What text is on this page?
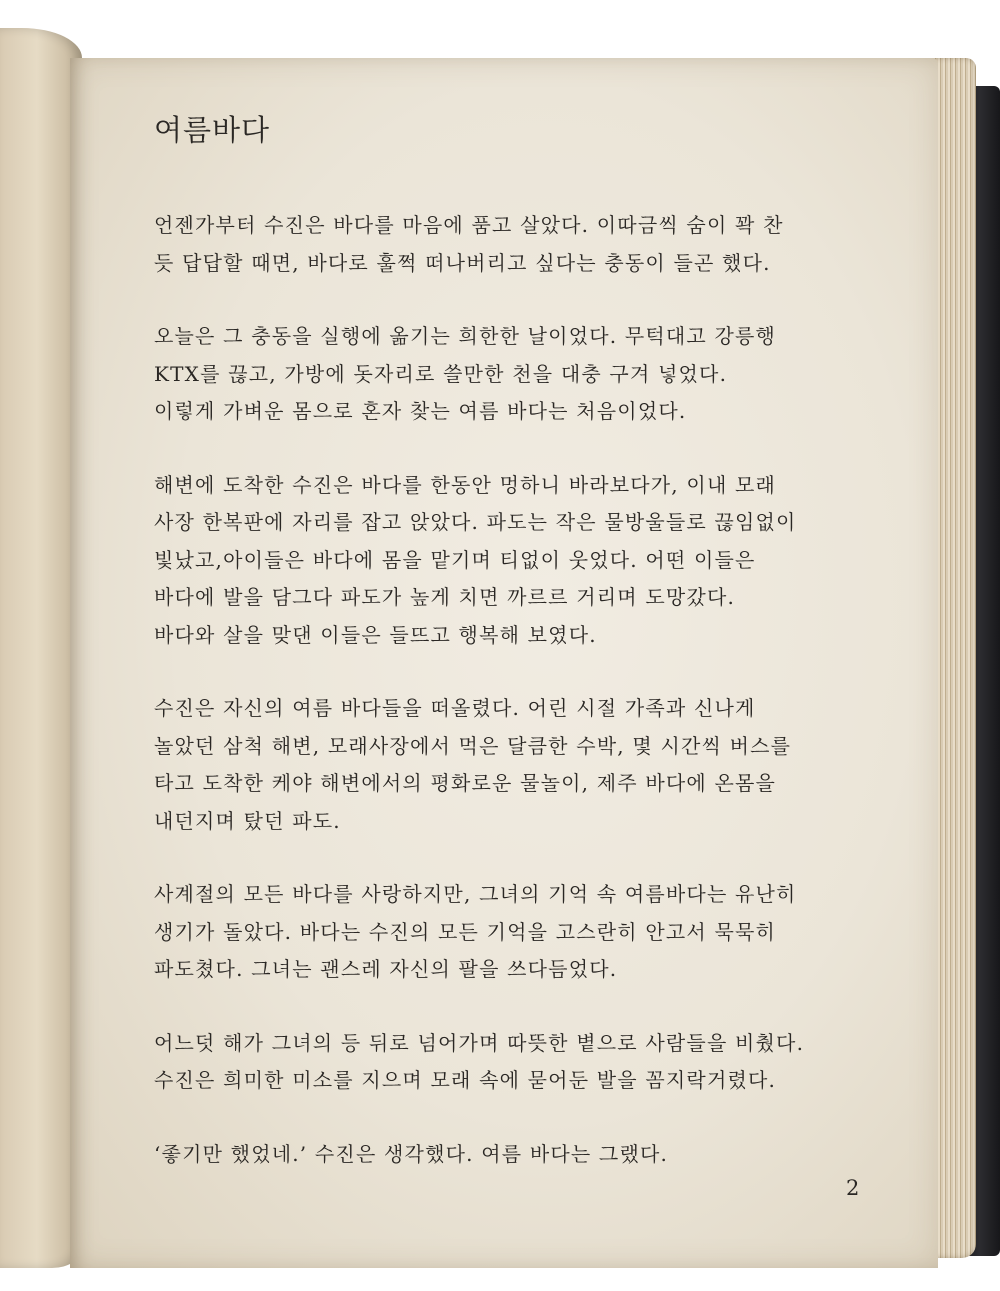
여름바다
언젠가부터 수진은 바다를 마음에 품고 살았다. 이따금씩 숨이 꽉 찬
듯 답답할 때면, 바다로 훌쩍 떠나버리고 싶다는 충동이 들곤 했다.
오늘은 그 충동을 실행에 옮기는 희한한 날이었다. 무턱대고 강릉행
KTX를 끊고, 가방에 돗자리로 쓸만한 천을 대충 구겨 넣었다.
이렇게 가벼운 몸으로 혼자 찾는 여름 바다는 처음이었다.
해변에 도착한 수진은 바다를 한동안 멍하니 바라보다가, 이내 모래
사장 한복판에 자리를 잡고 앉았다. 파도는 작은 물방울들로 끊임없이
빛났고,아이들은 바다에 몸을 맡기며 티없이 웃었다. 어떤 이들은
바다에 발을 담그다 파도가 높게 치면 까르르 거리며 도망갔다.
바다와 살을 맞댄 이들은 들뜨고 행복해 보였다.
수진은 자신의 여름 바다들을 떠올렸다. 어린 시절 가족과 신나게
놀았던 삼척 해변, 모래사장에서 먹은 달큼한 수박, 몇 시간씩 버스를
타고 도착한 케야 해변에서의 평화로운 물놀이, 제주 바다에 온몸을
내던지며 탔던 파도.
사계절의 모든 바다를 사랑하지만, 그녀의 기억 속 여름바다는 유난히
생기가 돌았다. 바다는 수진의 모든 기억을 고스란히 안고서 묵묵히
파도쳤다. 그녀는 괜스레 자신의 팔을 쓰다듬었다.
어느덧 해가 그녀의 등 뒤로 넘어가며 따뜻한 볕으로 사람들을 비췄다.
수진은 희미한 미소를 지으며 모래 속에 묻어둔 발을 꼼지락거렸다.
‘좋기만 했었네.’ 수진은 생각했다. 여름 바다는 그랬다.
2
